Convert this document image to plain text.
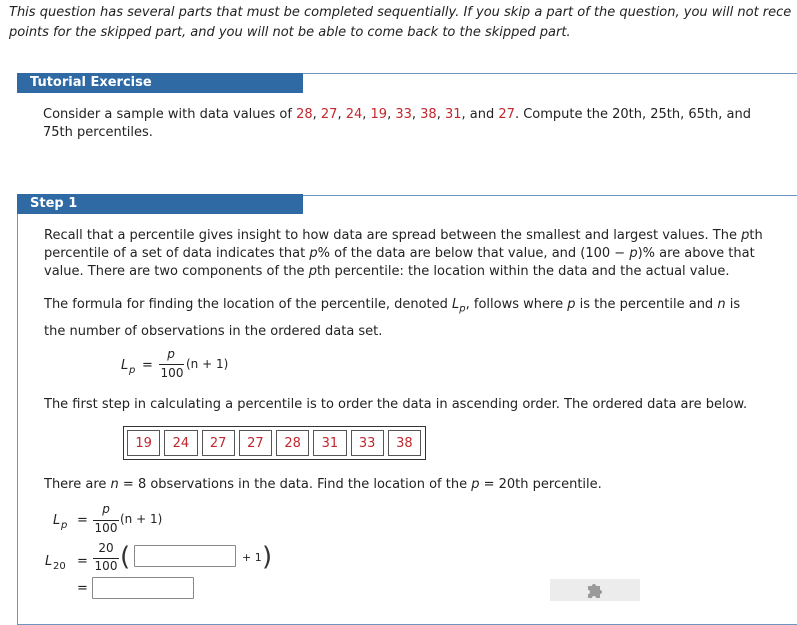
This question has several parts that must be completed sequentially. If you skip a part of the question, you will not rece
points for the skipped part, and you will not be able to come back to the skipped part.
Tutorial Exercise
Consider a sample with data values of 28, 27, 24, 19, 33, 38, 31, and 27. Compute the 20th, 25th, 65th, and
75th percentiles.
Step 1
Recall that a percentile gives insight to how data are spread between the smallest and largest values. The pth
percentile of a set of data indicates that p% of the data are below that value, and (100 − p)% are above that
value. There are two components of the pth percentile: the location within the data and the actual value.
The formula for finding the location of the percentile, denoted $L_p$, follows where p is the percentile and n is
the number of observations in the ordered data set.
L p =
p
100
(n + 1)
The first step in calculating a percentile is to order the data in ascending order. The ordered data are below.
19	24	27	27	28	31	33	38
There are n = 8 observations in the data. Find the location of the p = 20th percentile.
L p =
p
100
(n + 1)
L 20 =
20
100 (	+ 1 )
=
